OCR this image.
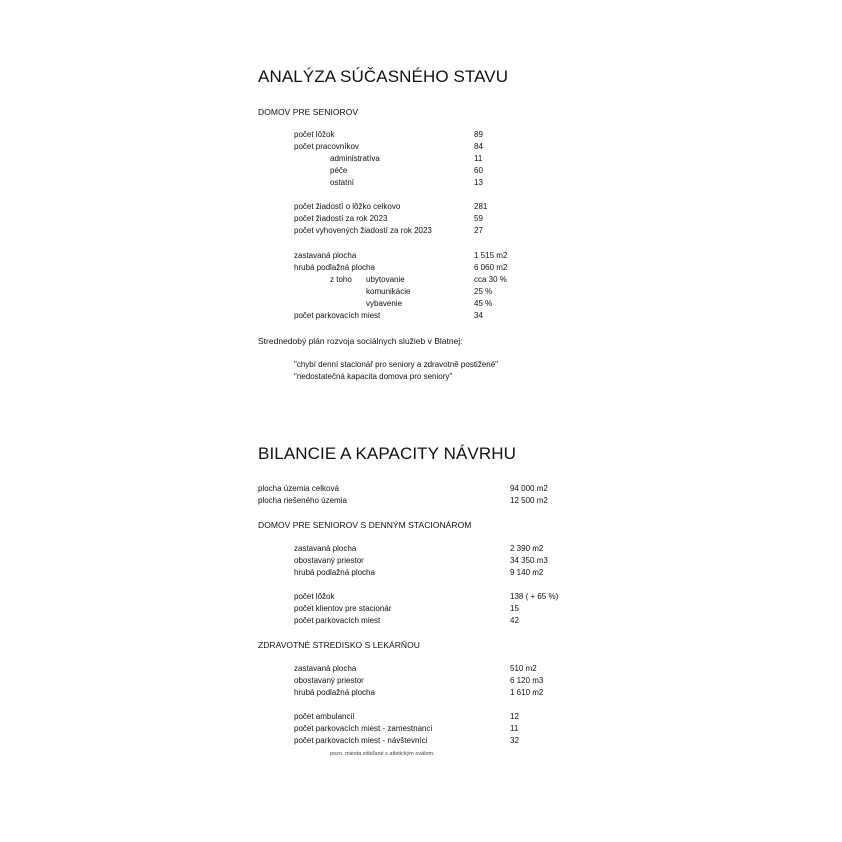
ANALÝZA SÚČASNÉHO STAVU
DOMOV PRE SENIOROV
počet lôžok	89
počet pracovníkov	84
administratíva	11
péče	60
ostatní	13
počet žiadostí o lôžko celkovo	281
počet žiadostí za rok 2023	59
počet vyhovených žiadostí za rok 2023	27
zastavaná plocha	1 515 m2
hrubá podlažná plocha	6 060 m2
z toho ubytovanie	cca 30 %
komunikácie	25 %
vybavenie	45 %
počet parkovacích miest	34
Strednedobý plán rozvoja sociálnych služieb v Blatnej:
"chybí denní stacionář pro seniory a zdravotně postižené"
"nedostatečná kapacita domova pro seniory"
BILANCIE A KAPACITY NÁVRHU
plocha územia celková	94 000 m2
plocha riešeného územia	12 500 m2
DOMOV PRE SENIOROV S DENNÝM STACIONÁROM
zastavaná plocha	2 390 m2
obostavaný priestor	34 350 m3
hrubá podlažná plocha	9 140 m2
počet lôžok	138 ( + 65 %)
počet klientov pre stacionár	15
počet parkovacích miest	42
ZDRAVOTNÉ STREDISKO S LEKÁRŇOU
zastavaná plocha	510 m2
obostavaný priestor	6 120 m3
hrubá podlažná plocha	1 610 m2
počet ambulancií	12
počet parkovacích miest - zamestnanci	11
počet parkovacích miest - návštevníci	32
pozn. miesta zdieľané s atletickým oválom.
